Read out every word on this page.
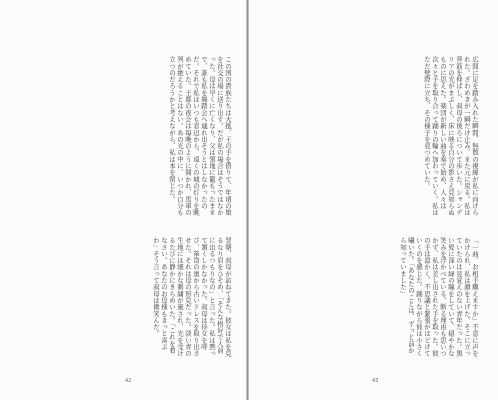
この国の貴族たちは大抵、王の手を借りて、年頃の娘を社交の場に送り出す。だが私の場合はそうではなかった。母は早くに亡くなり、父は領地に籠もったままで、誰も私を舞踏会へ連れ出そうとはしなかったのだ。それで私はいつも窓辺から、遠くの城の灯りを眺めていた。王都の夜会は毎晩のように開かれ、馬車の列が絶えることはない。あの光の中に、いつか自分も立つのだろうかと考えながら、私は本を閉じた。

翌朝、叔母が訪ねてきた。彼女は私を見るなり眉をひそめ、「そんな格好で人前に出るつもりなの」と言った。私は黙って頷くしかなかった。叔母は侍女を呼び、箪笥の奥から古いドレスを取り出させた。それは母の形見だった。淡い青の生地には細かな刺繍が施され、光を受けるたびに静かにきらめいた。「これを着なさい。あなたのお母様もきっと喜ぶわ」そう言って叔母は微笑んだ。

42

広間に足を踏み入れた瞬間、無数の視線が私に向けられた。ざわめきが一瞬だけ止み、また元に戻る。私は背筋を伸ばし、叔母の後ろについて歩いた。シャンデリアの光がまぶしく、床に映る自分の影さえ見知らぬものに思えた。楽団が新しい曲を奏で始め、人々は次々と手を取り合って踊りの輪へ加わっていく。私はただ壁際に立ち、その様子を見つめていた。

「一曲、お相手願えますか」不意に声をかけられ、私は顔を上げた。そこに立っていたのは見覚えのない青年だった。黒い髪に深い緑の瞳をしていて、穏やかな笑みを浮かべている。断る理由も思いつかず、私は差し出された手を取った。彼の手は温かく、不思議と緊張がほどけていくのを感じた。踊りながら彼は小さく囁いた。「あなたのことは、ずっと前から知っていました」

43
